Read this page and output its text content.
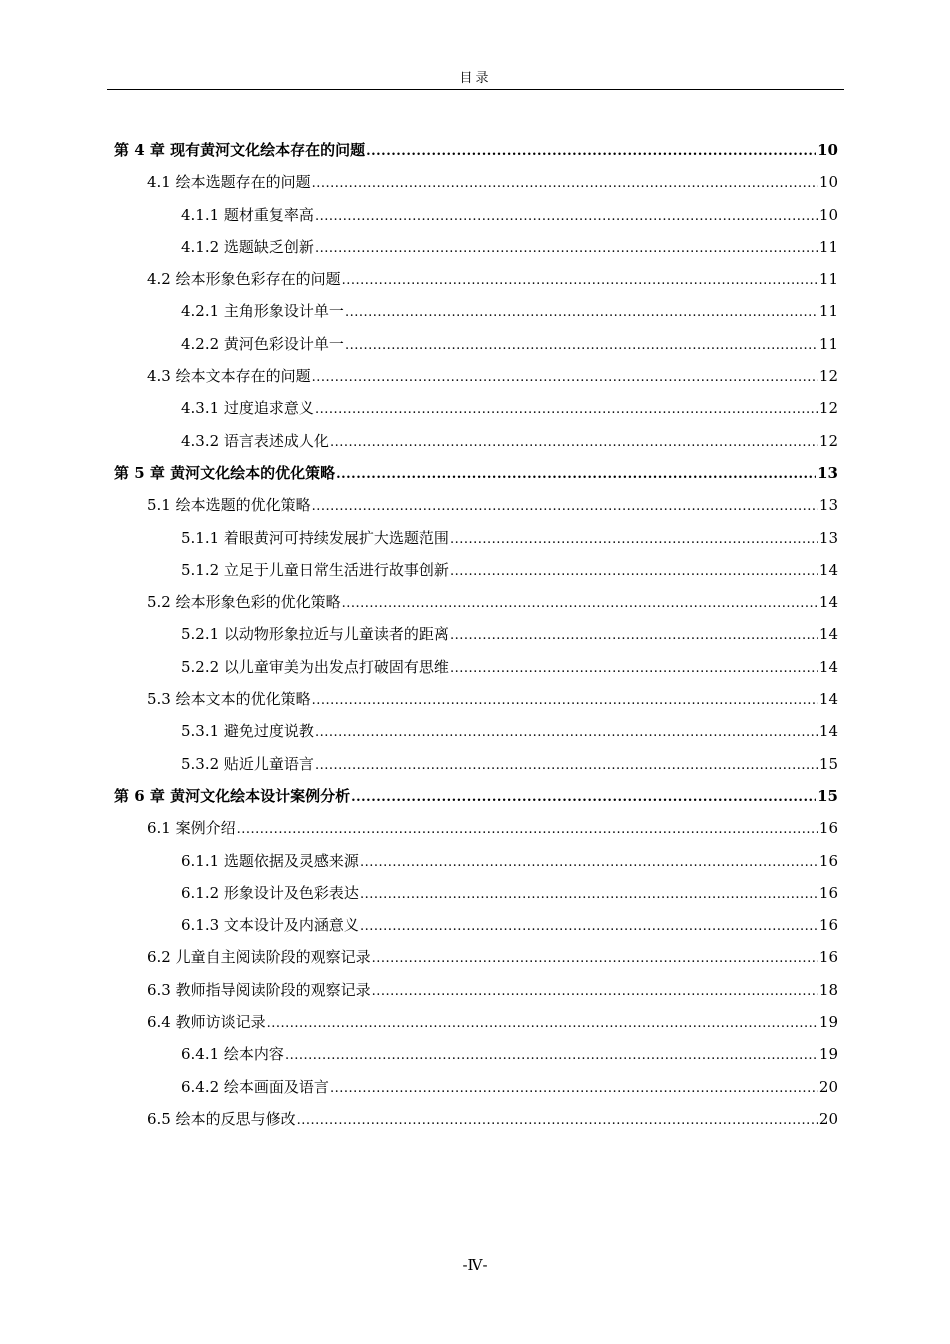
目录
第 4 章 现有黄河文化绘本存在的问题 .....	10
4.1 绘本选题存在的问题 .....	10
4.1.1 题材重复率高 .....	10
4.1.2 选题缺乏创新 .....	11
4.2 绘本形象色彩存在的问题 .....	11
4.2.1 主角形象设计单一 .....	11
4.2.2 黄河色彩设计单一 .....	11
4.3 绘本文本存在的问题 .....	12
4.3.1 过度追求意义 .....	12
4.3.2 语言表述成人化 .....	12
第 5 章 黄河文化绘本的优化策略 .....	13
5.1 绘本选题的优化策略 .....	13
5.1.1 着眼黄河可持续发展扩大选题范围 .....	13
5.1.2 立足于儿童日常生活进行故事创新 .....	14
5.2 绘本形象色彩的优化策略 .....	14
5.2.1 以动物形象拉近与儿童读者的距离 .....	14
5.2.2 以儿童审美为出发点打破固有思维 .....	14
5.3 绘本文本的优化策略 .....	14
5.3.1 避免过度说教 .....	14
5.3.2 贴近儿童语言 .....	15
第 6 章 黄河文化绘本设计案例分析 .....	15
6.1 案例介绍 .....	16
6.1.1 选题依据及灵感来源 .....	16
6.1.2 形象设计及色彩表达 .....	16
6.1.3 文本设计及内涵意义 .....	16
6.2 儿童自主阅读阶段的观察记录 .....	16
6.3 教师指导阅读阶段的观察记录 .....	18
6.4 教师访谈记录 .....	19
6.4.1 绘本内容 .....	19
6.4.2 绘本画面及语言 .....	20
6.5 绘本的反思与修改 .....	20
-Ⅳ-
